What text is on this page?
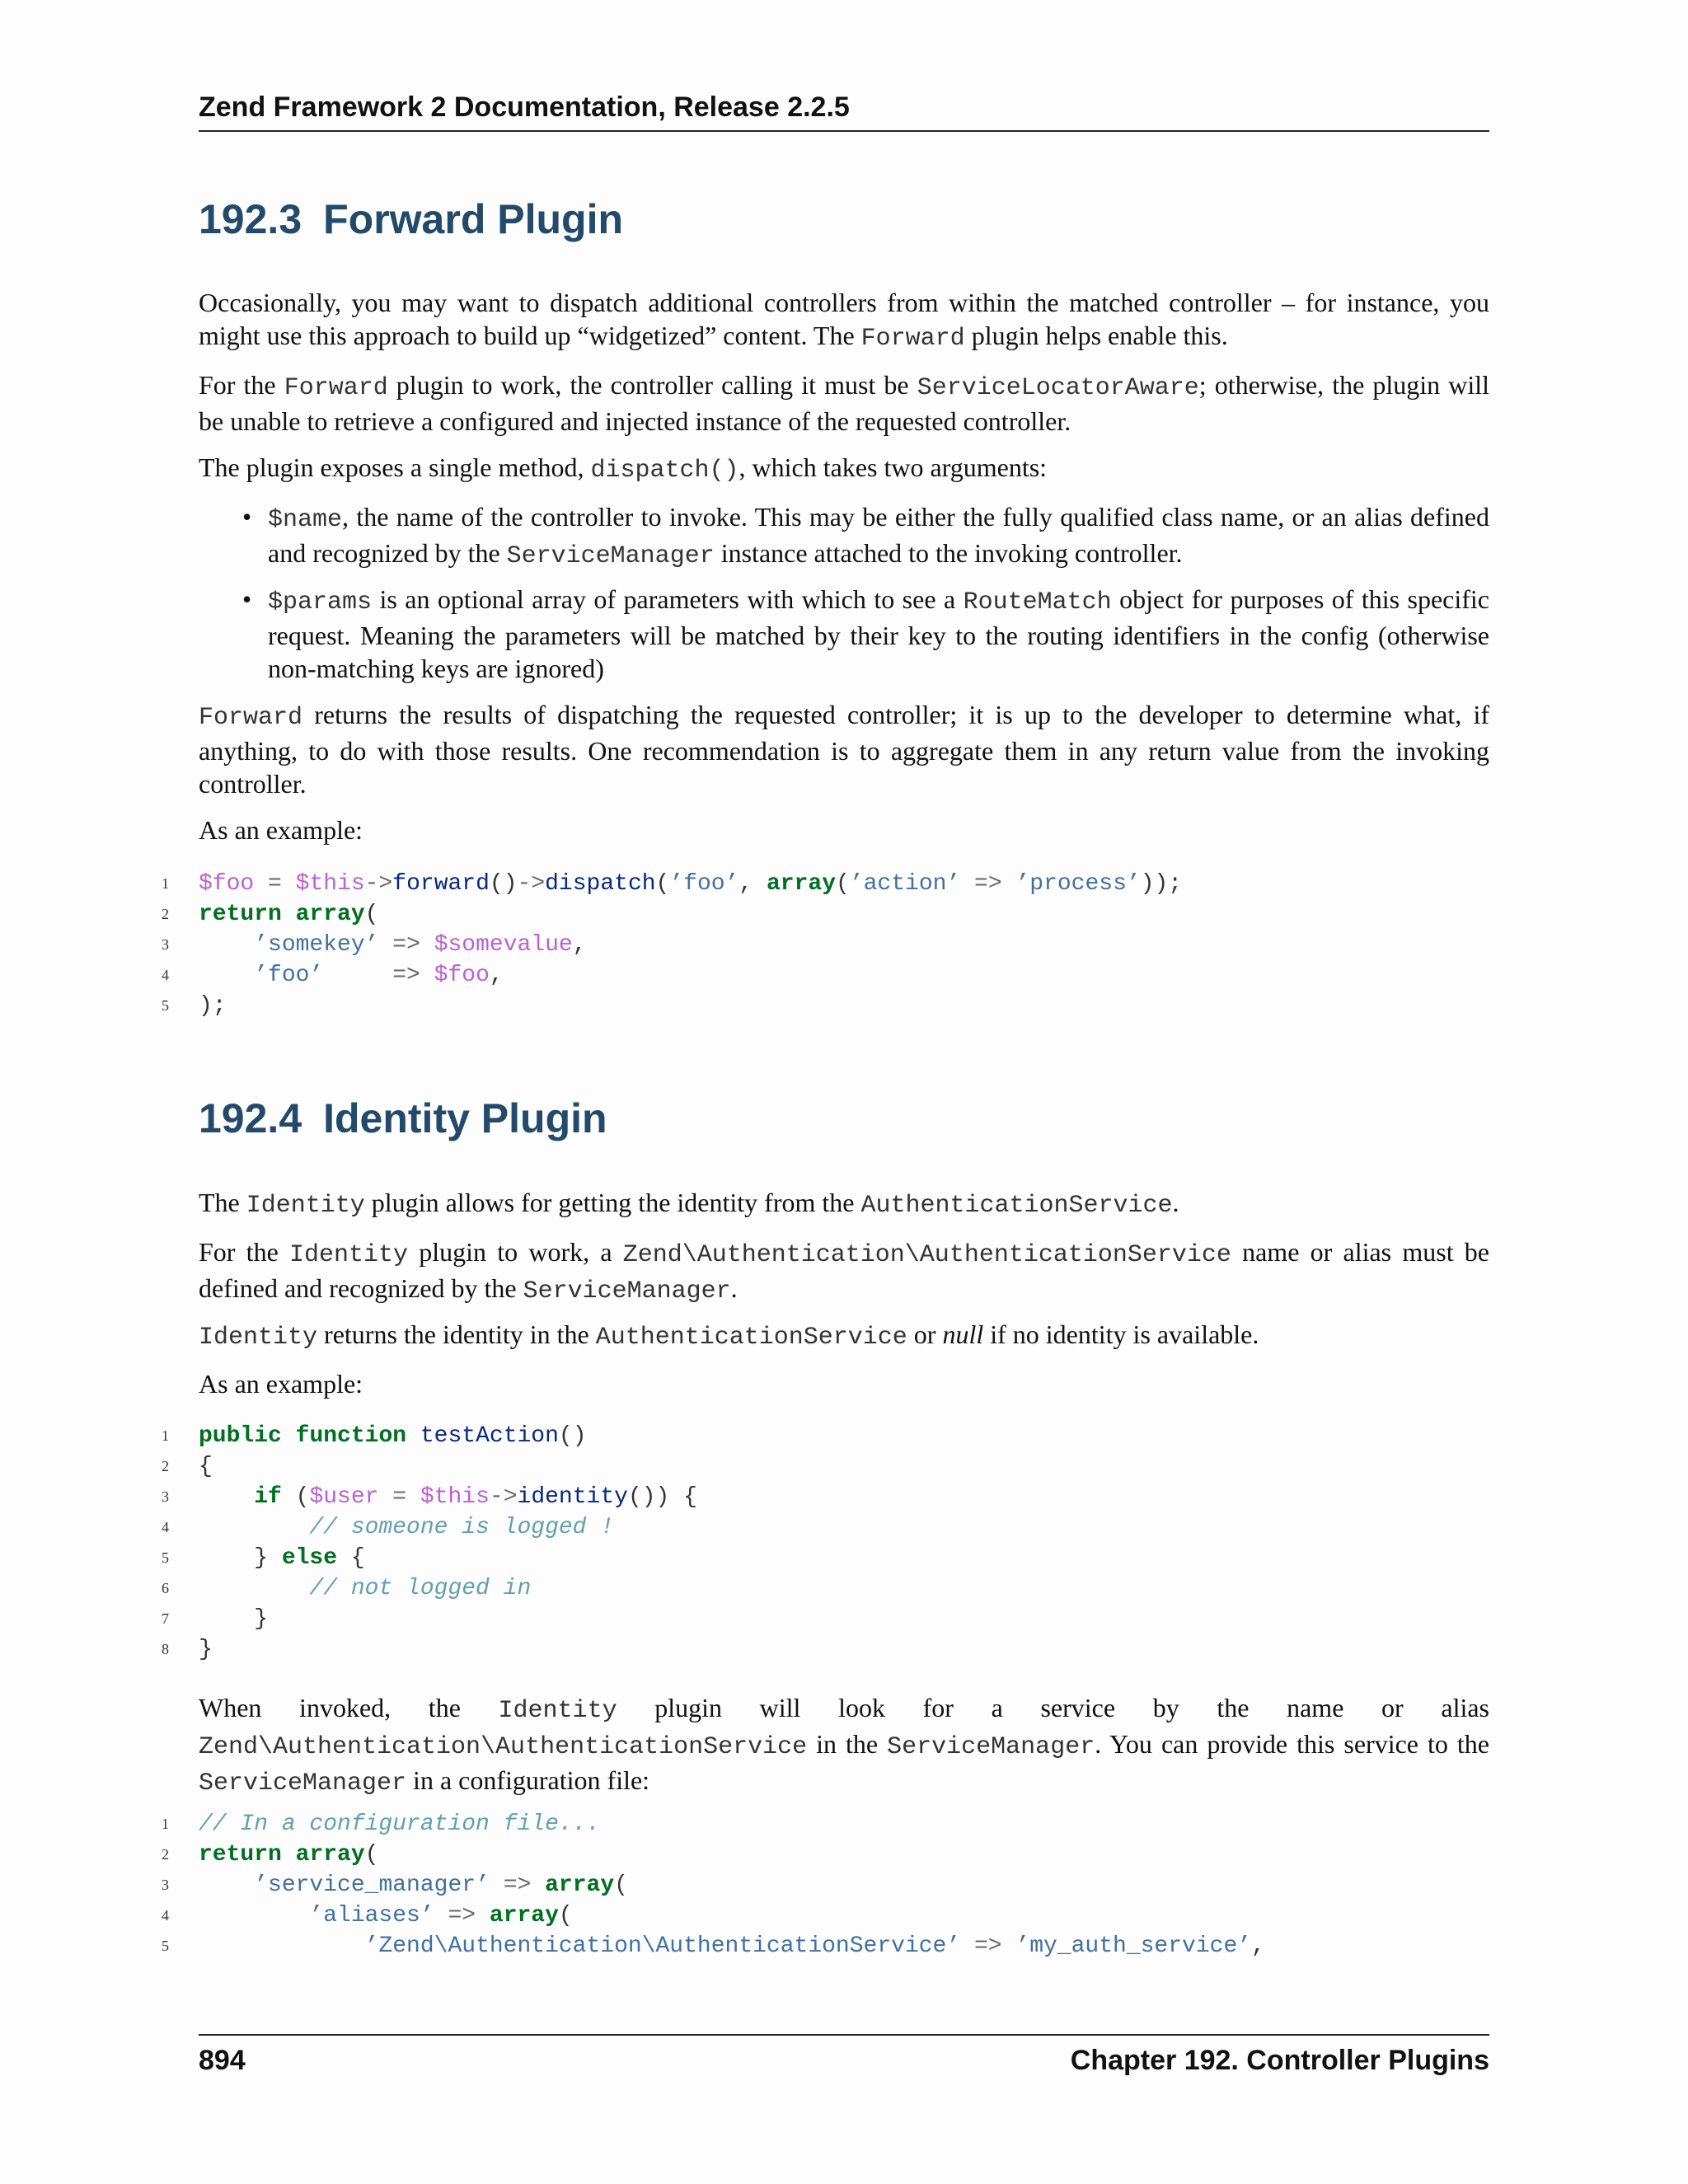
Zend Framework 2 Documentation, Release 2.2.5
192.3 Forward Plugin

Occasionally, you may want to dispatch additional controllers from within the matched controller – for instance, you might use this approach to build up “widgetized” content. The Forward plugin helps enable this.

For the Forward plugin to work, the controller calling it must be ServiceLocatorAware; otherwise, the plugin will be unable to retrieve a configured and injected instance of the requested controller.

The plugin exposes a single method, dispatch(), which takes two arguments:

• $name, the name of the controller to invoke. This may be either the fully qualified class name, or an alias defined and recognized by the ServiceManager instance attached to the invoking controller.

• $params is an optional array of parameters with which to see a RouteMatch object for purposes of this specific request. Meaning the parameters will be matched by their key to the routing identifiers in the config (otherwise non-matching keys are ignored)

Forward returns the results of dispatching the requested controller; it is up to the developer to determine what, if anything, to do with those results. One recommendation is to aggregate them in any return value from the invoking controller.

As an example:

1 $foo = $this->forward()->dispatch(’foo’, array(’action’ => ’process’));
2 return array(
3	’somekey’ => $somevalue,
4	’foo’	=> $foo,
5 );
192.4 Identity Plugin

The Identity plugin allows for getting the identity from the AuthenticationService.

For the Identity plugin to work, a Zend\Authentication\AuthenticationService name or alias must be defined and recognized by the ServiceManager.

Identity returns the identity in the AuthenticationService or null if no identity is available.

As an example:

1 public function testAction()
2 {
3	if ($user = $this->identity()) {
4	// someone is logged !
5 } else {
6	// not logged in
7 }
8 }

When invoked, the Identity plugin will look for a service by the name or alias Zend\Authentication\AuthenticationService in the ServiceManager. You can provide this service to the ServiceManager in a configuration file:

1 // In a configuration file...
2 return array(
3	’service_manager’ => array(
4	’aliases’ => array(
5	’Zend\Authentication\AuthenticationService’ => ’my_auth_service’,
894	Chapter 192. Controller Plugins
